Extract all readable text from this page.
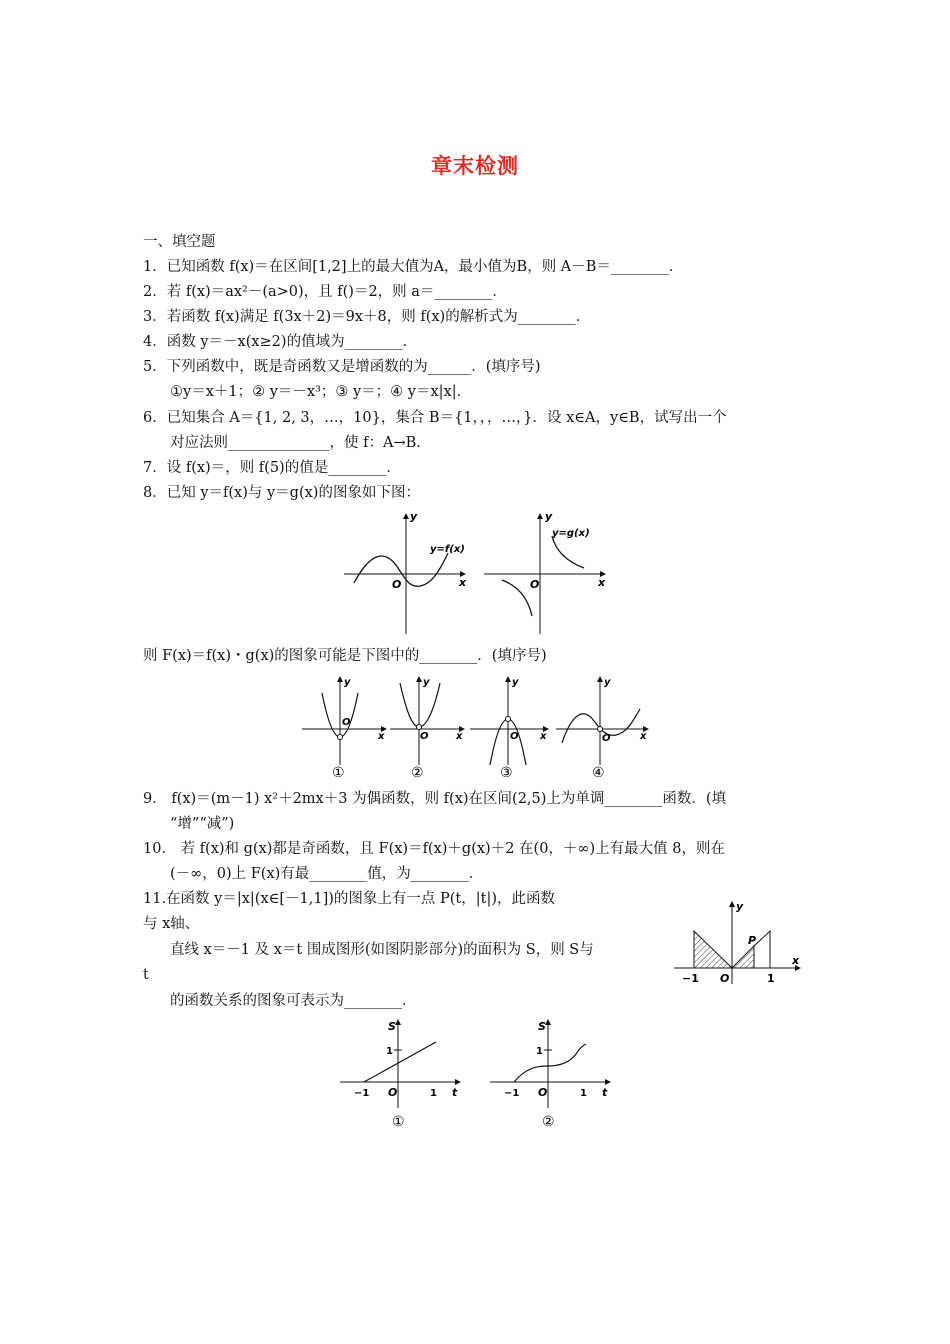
章末检测
一、填空题
1．已知函数 f(x)＝在区间[1,2]上的最大值为A，最小值为B，则 A－B＝________．
2．若 f(x)＝ax²－(a>0)，且 f()＝2，则 a＝________．
3．若函数 f(x)满足 f(3x＋2)＝9x＋8，则 f(x)的解析式为________．
4．函数 y＝－x(x≥2)的值域为________．
5．下列函数中，既是奇函数又是增函数的为______．(填序号)
①y＝x＋1；② y＝－x³；③ y＝；④ y＝x|x|．
6．已知集合 A＝{1, 2, 3，…，10}，集合 B＝{1，，，…，}．设 x∈A，y∈B，试写出一个
对应法则______________，使 f：A→B.
7．设 f(x)＝，则 f(5)的值是________．
8．已知 y＝f(x)与 y＝g(x)的图象如下图：
y
x
O
y=f(x)
y
x
O
y=g(x)
则 F(x)＝f(x)・g(x)的图象可能是下图中的________．(填序号)
y
x
O
①
y
x
O
②
y
x
O
③
y
x
O
④
9． f(x)＝(m－1) x²＋2mx＋3 为偶函数，则 f(x)在区间(2,5)上为单调________函数．(填
“增”“减”)
10． 若 f(x)和 g(x)都是奇函数，且 F(x)＝f(x)＋g(x)＋2 在(0，＋∞)上有最大值 8，则在
(－∞，0)上 F(x)有最________值，为________．
11.在函数 y＝|x|(x∈[－1,1])的图象上有一点 P(t，|t|)，此函数
与 x轴、
直线 x＝－1 及 x＝t 围成图形(如图阴影部分)的面积为 S，则 S与
t
的函数关系的图象可表示为________．
y
x
O
P
−1	1
S
1
t
O
−1	1
①
S
1
t
O
−1	1
②
